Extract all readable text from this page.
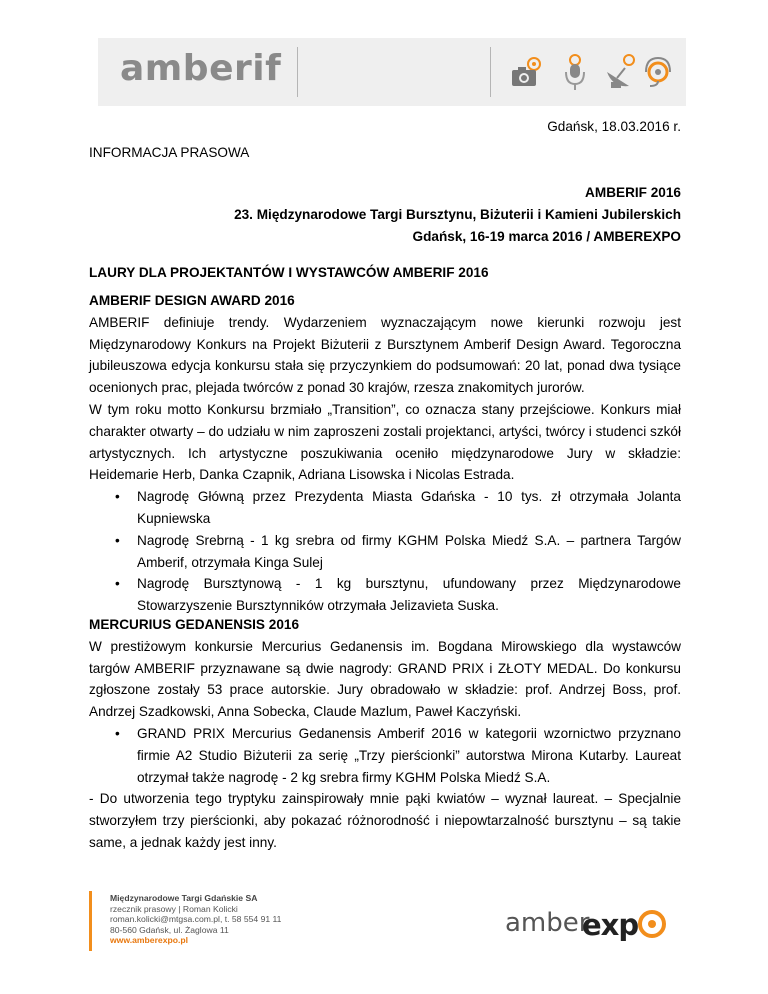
amberif
Gdańsk, 18.03.2016 r.
INFORMACJA PRASOWA
AMBERIF 2016
23. Międzynarodowe Targi Bursztynu, Biżuterii i Kamieni Jubilerskich
Gdańsk, 16-19 marca 2016 / AMBEREXPO
LAURY DLA PROJEKTANTÓW I WYSTAWCÓW AMBERIF 2016

AMBERIF DESIGN AWARD 2016

AMBERIF definiuje trendy. Wydarzeniem wyznaczającym nowe kierunki rozwoju jest Międzynarodowy Konkurs na Projekt Biżuterii z Bursztynem Amberif Design Award. Tegoroczna jubileuszowa edycja konkursu stała się przyczynkiem do podsumowań: 20 lat, ponad dwa tysiące ocenionych prac, plejada twórców z ponad 30 krajów, rzesza znakomitych jurorów.

W tym roku motto Konkursu brzmiało „Transition”, co oznacza stany przejściowe. Konkurs miał charakter otwarty – do udziału w nim zaproszeni zostali projektanci, artyści, twórcy i studenci szkół artystycznych. Ich artystyczne poszukiwania oceniło międzynarodowe Jury w składzie: Heidemarie Herb, Danka Czapnik, Adriana Lisowska i Nicolas Estrada.

• Nagrodę Główną przez Prezydenta Miasta Gdańska - 10 tys. zł otrzymała Jolanta Kupniewska
• Nagrodę Srebrną - 1 kg srebra od firmy KGHM Polska Miedź S.A. – partnera Targów Amberif, otrzymała Kinga Sulej
• Nagrodę Bursztynową - 1 kg bursztynu, ufundowany przez Międzynarodowe Stowarzyszenie Bursztynników otrzymała Jelizavieta Suska.

MERCURIUS GEDANENSIS 2016

W prestiżowym konkursie Mercurius Gedanensis im. Bogdana Mirowskiego dla wystawców targów AMBERIF przyznawane są dwie nagrody: GRAND PRIX i ZŁOTY MEDAL. Do konkursu zgłoszone zostały 53 prace autorskie. Jury obradowało w składzie: prof. Andrzej Boss, prof. Andrzej Szadkowski, Anna Sobecka, Claude Mazlum, Paweł Kaczyński.

• GRAND PRIX Mercurius Gedanensis Amberif 2016 w kategorii wzornictwo przyznano firmie A2 Studio Biżuterii za serię „Trzy pierścionki” autorstwa Mirona Kutarby. Laureat otrzymał także nagrodę - 2 kg srebra firmy KGHM Polska Miedź S.A.

- Do utworzenia tego tryptyku zainspirowały mnie pąki kwiatów – wyznał laureat. – Specjalnie stworzyłem trzy pierścionki, aby pokazać różnorodność i niepowtarzalność bursztynu – są takie same, a jednak każdy jest inny.

Międzynarodowe Targi Gdańskie SA
rzecznik prasowy | Roman Kolicki
roman.kolicki@mtgsa.com.pl, t. 58 554 91 11
80-560 Gdańsk, ul. Żaglowa 11
www.amberexpo.pl
amber
exp
